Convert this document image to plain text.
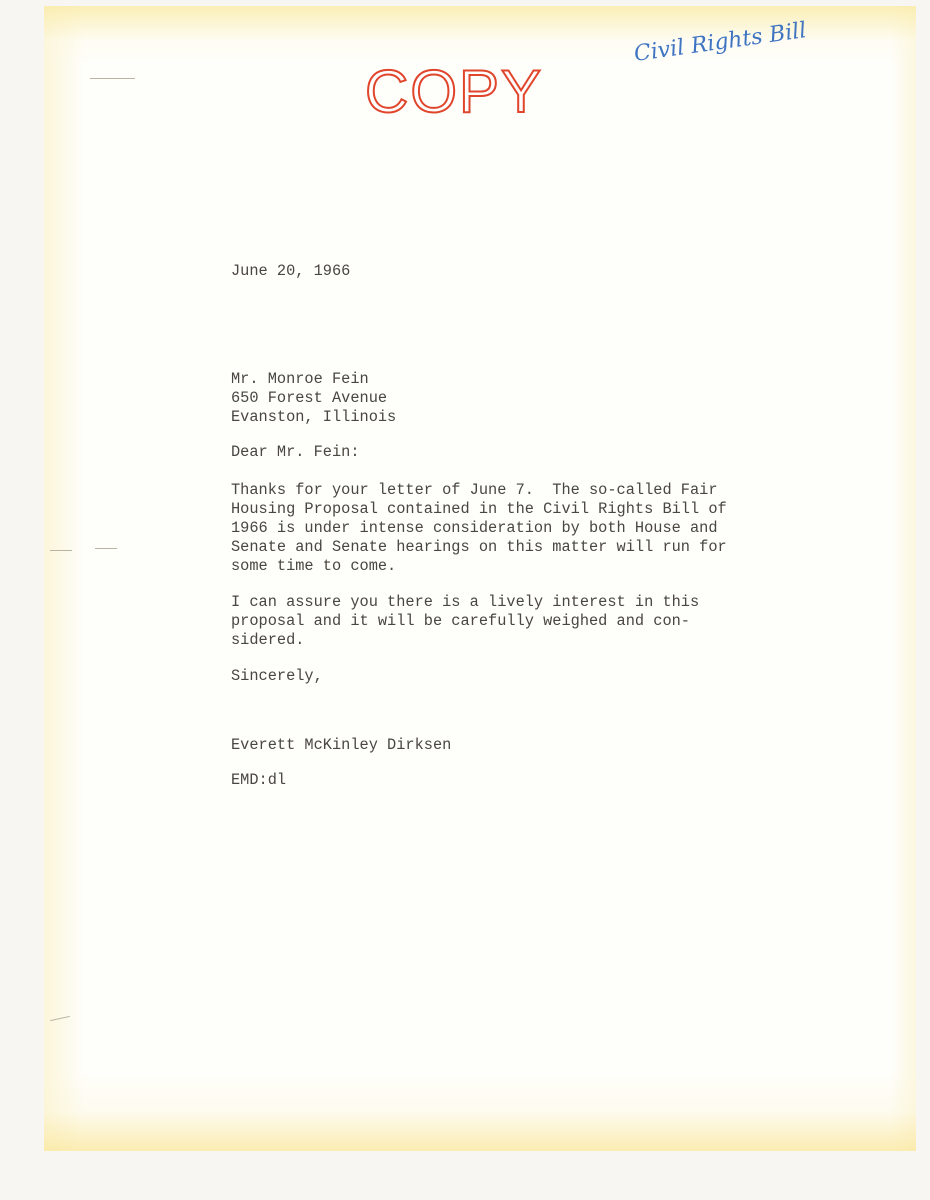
COPY
Civil Rights Bill

June 20, 1966

Mr. Monroe Fein

650 Forest Avenue

Evanston, Illinois

Dear Mr. Fein:

Thanks for your letter of June 7.  The so-called Fair

Housing Proposal contained in the Civil Rights Bill of

1966 is under intense consideration by both House and

Senate and Senate hearings on this matter will run for

some time to come.

I can assure you there is a lively interest in this

proposal and it will be carefully weighed and con-

sidered.

Sincerely,

Everett McKinley Dirksen

EMD:dl
